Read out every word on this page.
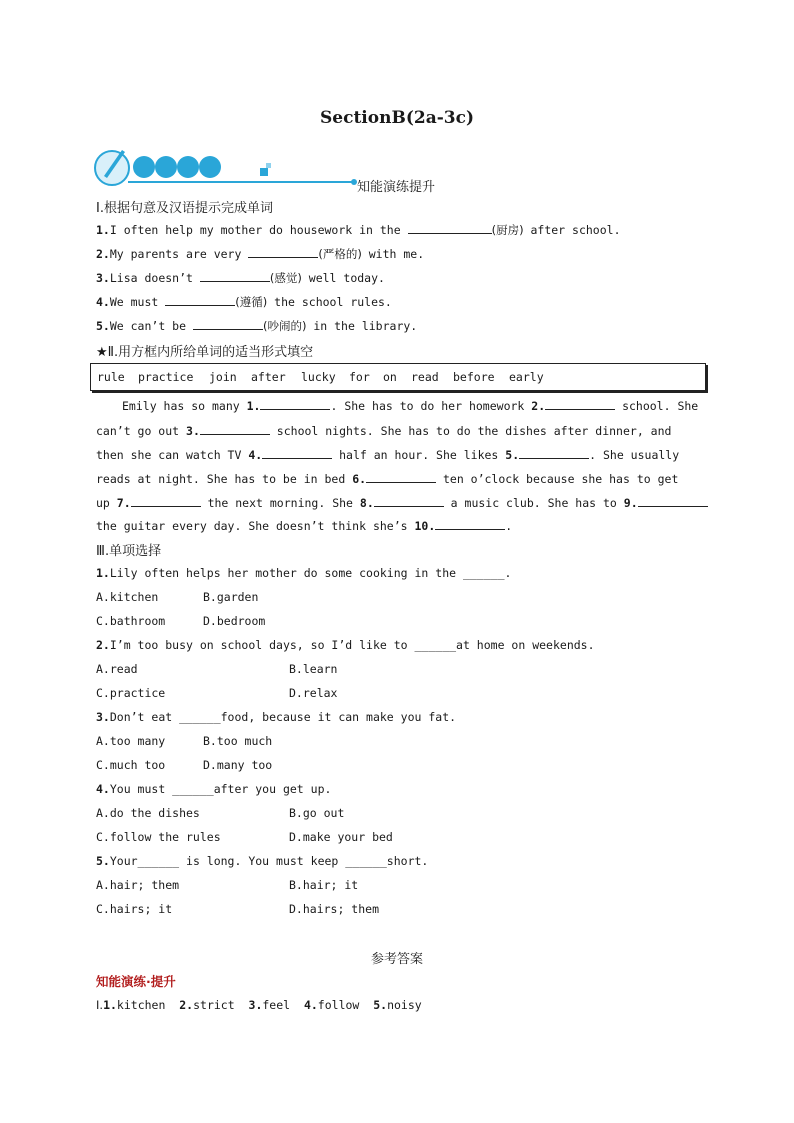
SectionB(2a-3c)
知能演练提升
Ⅰ.根据句意及汉语提示完成单词
1.I often help my mother do housework in the	(厨房) after school.
2.My parents are very	(严格的) with me.
3.Lisa doesn’t	(感觉) well today.
4.We must	(遵循) the school rules.
5.We can’t be	(吵闹的) in the library.
★Ⅱ.用方框内所给单词的适当形式填空
rule practice join after lucky for on read before early
Emily has so many 1.	. She has to do her homework 2.	school. She
can’t go out 3.	school nights. She has to do the dishes after dinner, and
then she can watch TV 4.	half an hour. She likes 5.	. She usually
reads at night. She has to be in bed 6.	ten o’clock because she has to get
up 7.	the next morning. She 8.	a music club. She has to 9.
the guitar every day. She doesn’t think she’s 10.	.
Ⅲ.单项选择
1.Lily often helps her mother do some cooking in the ______.
A.kitchen	B.garden
C.bathroom	D.bedroom
2.I’m too busy on school days, so I’d like to ______at home on weekends.
A.read	B.learn
C.practice	D.relax
3.Don’t eat ______food, because it can make you fat.
A.too many	B.too much
C.much too	D.many too
4.You must ______after you get up.
A.do the dishes	B.go out
C.follow the rules	D.make your bed
5.Your______ is long. You must keep ______short.
A.hair; them	B.hair; it
C.hairs; it	D.hairs; them
参考答案
知能演练·提升
Ⅰ.1.kitchen 2.strict 3.feel 4.follow 5.noisy
